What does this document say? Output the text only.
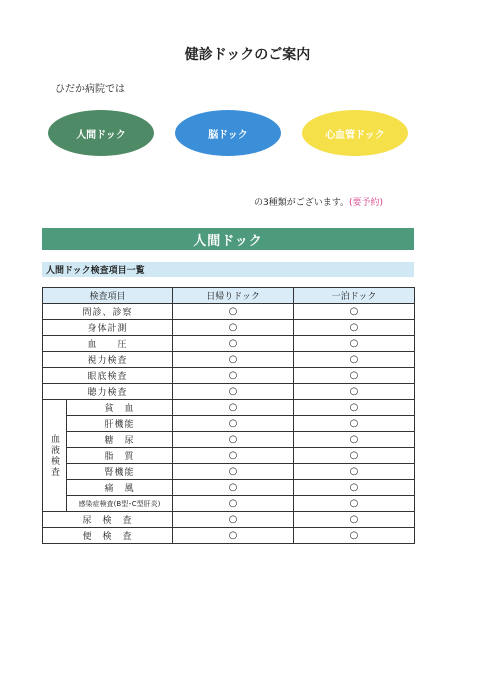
健診ドックのご案内
ひだか病院では
人間ドック	脳ドック	心血管ドック
の3種類がございます。(要予約)
人間ドック
人間ドック検査項目一覧
検査項目		日帰りドック	一泊ドック
問診、診察		○	○
身体計測		○	○
血　　圧		○	○
視力検査		○	○
眼底検査		○	○
聴力検査		○	○
血液検査	貧　血	○	○
	肝機能	○	○
	糖　尿	○	○
	脂　質	○	○
	腎機能	○	○
	痛　風	○	○
	感染症検査(B型･C型肝炎)	○	○
尿　検　査		○	○
便　検　査		○	○
